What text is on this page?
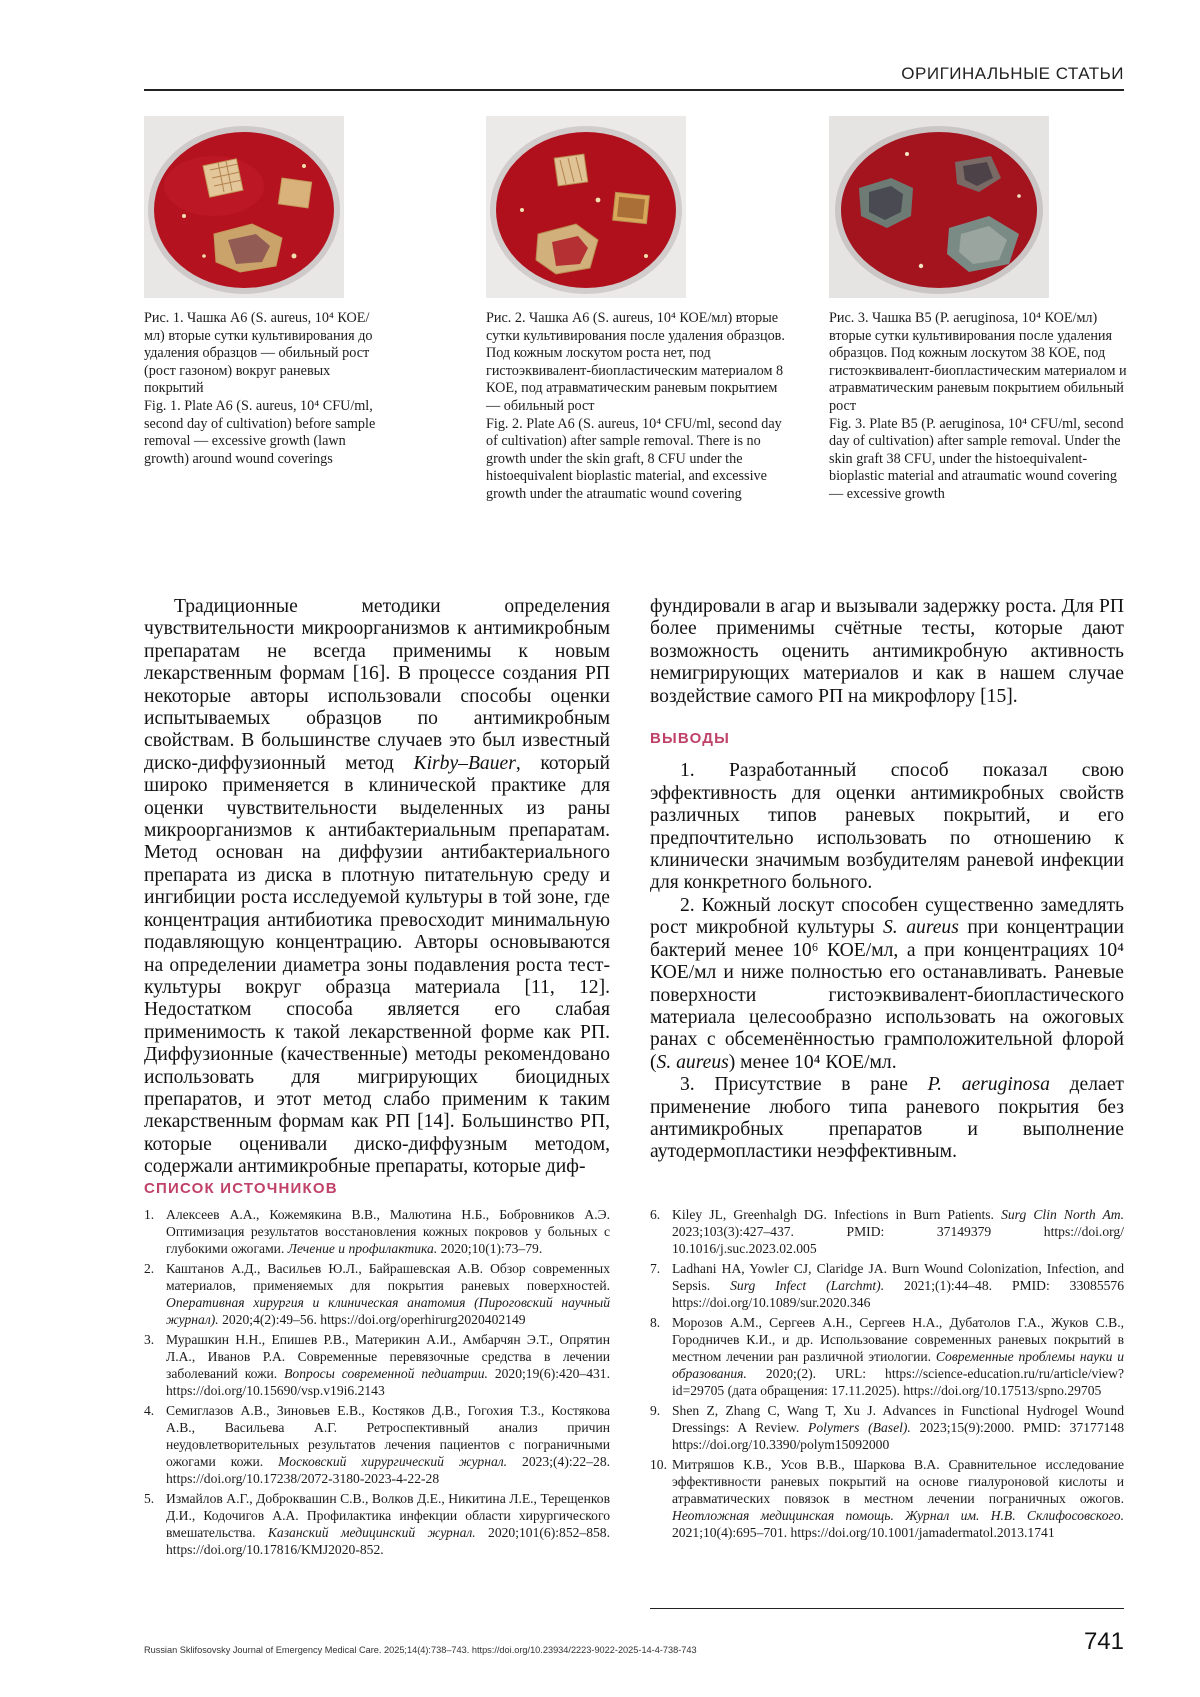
ОРИГИНАЛЬНЫЕ СТАТЬИ

Рис. 1. Чашка А6 (S. aureus, 10⁴ КОЕ/мл) вторые сутки культивирования до удаления образцов — обильный рост (рост газоном) вокруг раневых покрытий

Fig. 1. Plate A6 (S. aureus, 10⁴ CFU/ml, second day of cultivation) before sample removal — excessive growth (lawn growth) around wound coverings

Рис. 2. Чашка А6 (S. aureus, 10⁴ КОЕ/мл) вторые сутки культивирования после удаления образцов. Под кожным лоскутом роста нет, под гистоэквивалент-биопластическим материалом 8 КОЕ, под атравматическим раневым покрытием — обильный рост

Fig. 2. Plate A6 (S. aureus, 10⁴ CFU/ml, second day of cultivation) after sample removal. There is no growth under the skin graft, 8 CFU under the histoequivalent bioplastic material, and excessive growth under the atraumatic wound covering

Рис. 3. Чашка В5 (P. aeruginosa, 10⁴ КОЕ/мл) вторые сутки культивирования после удаления образцов. Под кожным лоскутом 38 КОЕ, под гистоэквивалент-биопластическим материалом и атравматическим раневым покрытием обильный рост

Fig. 3. Plate B5 (P. aeruginosa, 10⁴ CFU/ml, second day of cultivation) after sample removal. Under the skin graft 38 CFU, under the histoequivalent-bioplastic material and atraumatic wound covering — excessive growth

Традиционные методики определения чувствительности микроорганизмов к антимикробным препаратам не всегда применимы к новым лекарственным формам [16]. В процессе создания РП некоторые авторы использовали способы оценки испытываемых образцов по антимикробным свойствам. В большинстве случаев это был известный диско-диффузионный метод Kirby–Bauer, который широко применяется в клинической практике для оценки чувствительности выделенных из раны микроорганизмов к антибактериальным препаратам. Метод основан на диффузии антибактериального препарата из диска в плотную питательную среду и ингибиции роста исследуемой культуры в той зоне, где концентрация антибиотика превосходит минимальную подавляющую концентрацию. Авторы основываются на определении диаметра зоны подавления роста тест-культуры вокруг образца материала [11, 12]. Недостатком способа является его слабая применимость к такой лекарственной форме как РП. Диффузионные (качественные) методы рекомендовано использовать для мигрирующих биоцидных препаратов, и этот метод слабо применим к таким лекарственным формам как РП [14]. Большинство РП, которые оценивали диско-диффузным методом, содержали антимикробные препараты, которые диф-

фундировали в агар и вызывали задержку роста. Для РП более применимы счётные тесты, которые дают возможность оценить антимикробную активность немигрирующих материалов и как в нашем случае воздействие самого РП на микрофлору [15].

ВЫВОДЫ

1. Разработанный способ показал свою эффективность для оценки антимикробных свойств различных типов раневых покрытий, и его предпочтительно использовать по отношению к клинически значимым возбудителям раневой инфекции для конкретного больного.

2. Кожный лоскут способен существенно замедлять рост микробной культуры S. aureus при концентрации бактерий менее 10⁶ КОЕ/мл, а при концентрациях 10⁴ КОЕ/мл и ниже полностью его останавливать. Раневые поверхности гистоэквивалент-биопластического материала целесообразно использовать на ожоговых ранах с обсеменённостью грамположительной флорой (S. aureus) менее 10⁴ КОЕ/мл.

3. Присутствие в ране P. aeruginosa делает применение любого типа раневого покрытия без антимикробных препаратов и выполнение аутодермопластики неэффективным.

СПИСОК ИСТОЧНИКОВ
1. Алексеев А.А., Кожемякина В.В., Малютина Н.Б., Бобровников А.Э. Оптимизация результатов восстановления кожных покровов у больных с глубокими ожогами. Лечение и профилактика. 2020;10(1):73–79.
2. Каштанов А.Д., Васильев Ю.Л., Байрашевская А.В. Обзор современных материалов, применяемых для покрытия раневых поверхностей. Оперативная хирургия и клиническая анатомия (Пироговский научный журнал). 2020;4(2):49–56. https://doi.org/operhirurg2020402149
3. Мурашкин Н.Н., Епишев Р.В., Материкин А.И., Амбарчян Э.Т., Опрятин Л.А., Иванов Р.А. Современные перевязочные средства в лечении заболеваний кожи. Вопросы современной педиатрии. 2020;19(6):420–431. https://doi.org/10.15690/vsp.v19i6.2143
4. Семиглазов А.В., Зиновьев Е.В., Костяков Д.В., Гогохия Т.З., Костякова А.В., Васильева А.Г. Ретроспективный анализ причин неудовлетворительных результатов лечения пациентов с пограничными ожогами кожи. Московский хирургический журнал. 2023;(4):22–28. https://doi.org/10.17238/2072-3180-2023-4-22-28
5. Измайлов А.Г., Доброквашин С.В., Волков Д.Е., Никитина Л.Е., Терещенков Д.И., Кодочигов А.А. Профилактика инфекции области хирургического вмешательства. Казанский медицинский журнал. 2020;101(6):852–858. https://doi.org/10.17816/KMJ2020-852.
6. Kiley JL, Greenhalgh DG. Infections in Burn Patients. Surg Clin North Am. 2023;103(3):427–437. PMID: 37149379 https://doi.org/ 10.1016/j.suc.2023.02.005
7. Ladhani HA, Yowler CJ, Claridge JA. Burn Wound Colonization, Infection, and Sepsis. Surg Infect (Larchmt). 2021;(1):44–48. PMID: 33085576 https://doi.org/10.1089/sur.2020.346
8. Морозов А.М., Сергеев А.Н., Сергеев Н.А., Дубатолов Г.А., Жуков С.В., Городничев К.И., и др. Использование современных раневых покрытий в местном лечении ран различной этиологии. Современные проблемы науки и образования. 2020;(2). URL: https://science-education.ru/ru/article/view?id=29705 (дата обращения: 17.11.2025). https://doi.org/10.17513/spno.29705
9. Shen Z, Zhang C, Wang T, Xu J. Advances in Functional Hydrogel Wound Dressings: A Review. Polymers (Basel). 2023;15(9):2000. PMID: 37177148 https://doi.org/10.3390/polym15092000
10. Митряшов К.В., Усов В.В., Шаркова В.А. Сравнительное исследование эффективности раневых покрытий на основе гиалуроновой кислоты и атравматических повязок в местном лечении пограничных ожогов. Неотложная медицинская помощь. Журнал им. Н.В. Склифосовского. 2021;10(4):695–701. https://doi.org/10.1001/jamadermatol.2013.1741
Russian Sklifosovsky Journal of Emergency Medical Care. 2025;14(4):738–743. https://doi.org/10.23934/2223-9022-2025-14-4-738-743	741
